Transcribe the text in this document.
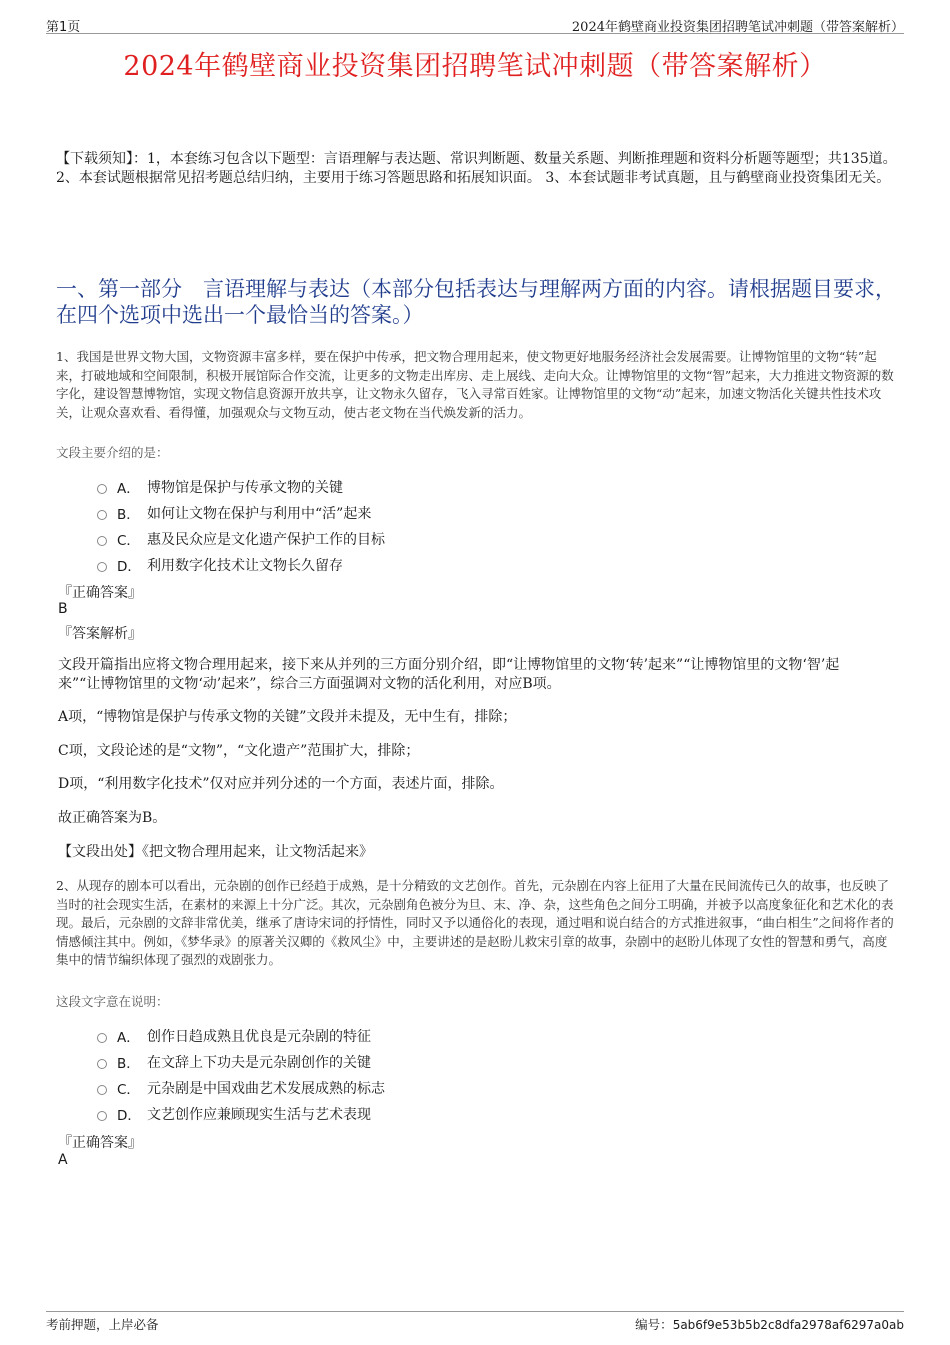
第1页	2024年鹤壁商业投资集团招聘笔试冲刺题（带答案解析）
2024年鹤壁商业投资集团招聘笔试冲刺题（带答案解析）
【下载须知】：1，本套练习包含以下题型：言语理解与表达题、常识判断题、数量关系题、判断推理题和资料分析题等题型；共135道。 2、本套试题根据常见招考题总结归纳，主要用于练习答题思路和拓展知识面。 3、本套试题非考试真题，且与鹤壁商业投资集团无关。
一、第一部分　言语理解与表达（本部分包括表达与理解两方面的内容。请根据题目要求，在四个选项中选出一个最恰当的答案。）
1、我国是世界文物大国，文物资源丰富多样，要在保护中传承，把文物合理用起来，使文物更好地服务经济社会发展需要。让博物馆里的文物“转”起来，打破地域和空间限制，积极开展馆际合作交流，让更多的文物走出库房、走上展线、走向大众。让博物馆里的文物“智”起来，大力推进文物资源的数字化，建设智慧博物馆，实现文物信息资源开放共享，让文物永久留存，飞入寻常百姓家。让博物馆里的文物“动”起来，加速文物活化关键共性技术攻关，让观众喜欢看、看得懂，加强观众与文物互动，使古老文物在当代焕发新的活力。
文段主要介绍的是：
A． 博物馆是保护与传承文物的关键
B． 如何让文物在保护与利用中“活”起来
C． 惠及民众应是文化遗产保护工作的目标
D． 利用数字化技术让文物长久留存
『正确答案』
B
『答案解析』
文段开篇指出应将文物合理用起来，接下来从并列的三方面分别介绍，即“让博物馆里的文物‘转’起来”“让博物馆里的文物‘智’起来”“让博物馆里的文物‘动’起来”，综合三方面强调对文物的活化利用，对应B项。
A项，“博物馆是保护与传承文物的关键”文段并未提及，无中生有，排除；
C项，文段论述的是“文物”，“文化遗产”范围扩大，排除；
D项，“利用数字化技术”仅对应并列分述的一个方面，表述片面，排除。
故正确答案为B。
【文段出处】《把文物合理用起来，让文物活起来》
2、从现存的剧本可以看出，元杂剧的创作已经趋于成熟，是十分精致的文艺创作。首先，元杂剧在内容上征用了大量在民间流传已久的故事，也反映了当时的社会现实生活，在素材的来源上十分广泛。其次，元杂剧角色被分为旦、末、净、杂，这些角色之间分工明确，并被予以高度象征化和艺术化的表现。最后，元杂剧的文辞非常优美，继承了唐诗宋词的抒情性，同时又予以通俗化的表现，通过唱和说白结合的方式推进叙事，“曲白相生”之间将作者的情感倾注其中。例如，《梦华录》的原著关汉卿的《救风尘》中，主要讲述的是赵盼儿救宋引章的故事，杂剧中的赵盼儿体现了女性的智慧和勇气，高度集中的情节编织体现了强烈的戏剧张力。
这段文字意在说明：
A． 创作日趋成熟且优良是元杂剧的特征
B． 在文辞上下功夫是元杂剧创作的关键
C． 元杂剧是中国戏曲艺术发展成熟的标志
D． 文艺创作应兼顾现实生活与艺术表现
『正确答案』
A
考前押题，上岸必备	编号：5ab6f9e53b5b2c8dfa2978af6297a0ab
